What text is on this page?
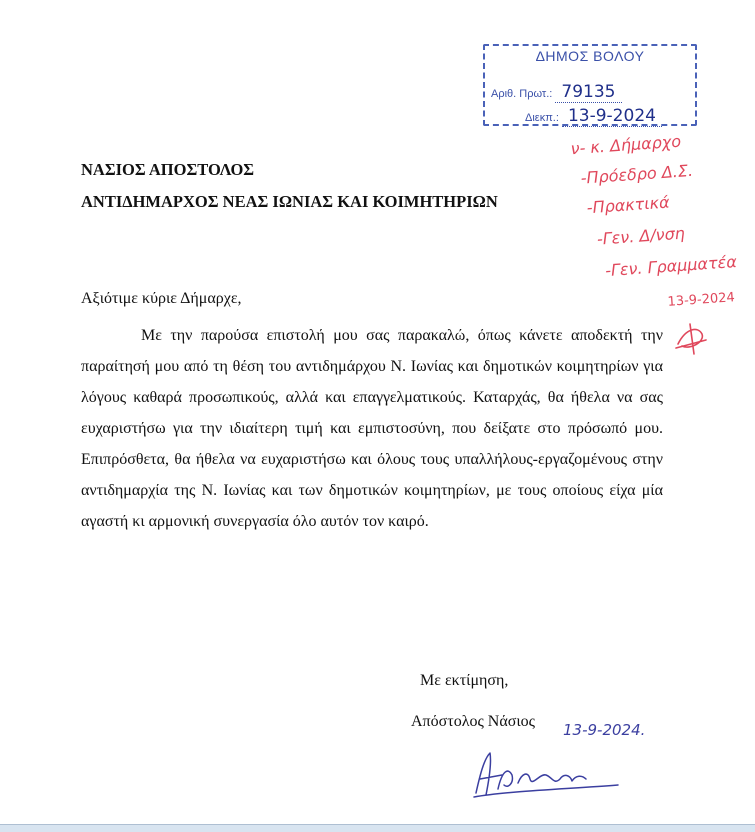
ΔΗΜΟΣ ΒΟΛΟΥ
Αριθ. Πρωτ.: 79135
Διεκπ.: 13-9-2024
ΝΑΣΙΟΣ ΑΠΟΣΤΟΛΟΣ
ΑΝΤΙΔΗΜΑΡΧΟΣ ΝΕΑΣ ΙΩΝΙΑΣ ΚΑΙ ΚΟΙΜΗΤΗΡΙΩΝ
ν- κ. Δήμαρχο
-Πρόεδρο Δ.Σ.
-Πρακτικά
-Γεν. Δ/νση
-Γεν. Γραμματέα
13-9-2024
Αξιότιμε κύριε Δήμαρχε,
Με την παρούσα επιστολή μου σας παρακαλώ, όπως κάνετε αποδεκτή την παραίτησή μου από τη θέση του αντιδημάρχου Ν. Ιωνίας και δημοτικών κοιμητηρίων για λόγους καθαρά προσωπικούς, αλλά και επαγγελματικούς. Καταρχάς, θα ήθελα να σας ευχαριστήσω για την ιδιαίτερη τιμή και εμπιστοσύνη, που δείξατε στο πρόσωπό μου. Επιπρόσθετα, θα ήθελα να ευχαριστήσω και όλους τους υπαλλήλους-εργαζομένους στην αντιδημαρχία της Ν. Ιωνίας και των δημοτικών κοιμητηρίων, με τους οποίους είχα μία αγαστή κι αρμονική συνεργασία όλο αυτόν τον καιρό.
Με εκτίμηση,
Απόστολος Νάσιος 13-9-2024.
